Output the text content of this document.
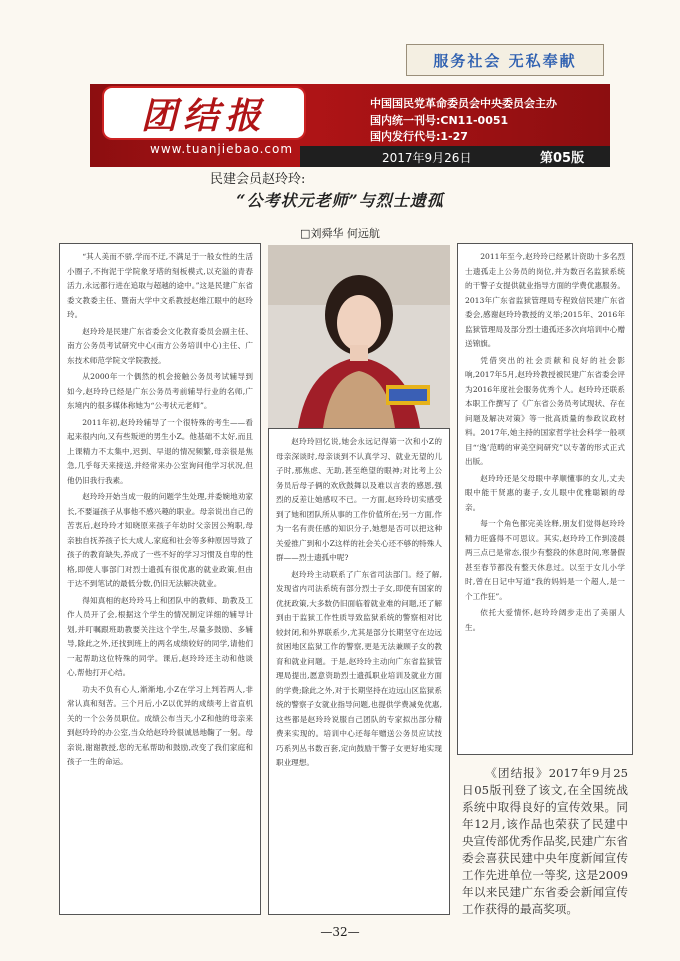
服务社会 无私奉献
团结报
www.tuanjiebao.com
中国国民党革命委员会中央委员会主办
国内统一刊号:CN11-0051
国内发行代号:1-27
2017年9月26日	第05版
民建会员赵玲玲:
“公考状元老师”与烈士遗孤
□刘舜华 何远航

“其人美而不骄,学而不迂,不满足于一般女性的生活小圈子,不拘泥于学院象牙塔的刻板模式,以充溢的青春活力,永远都行进在追取与超越的途中。”这是民建广东省委文教委主任、暨南大学中文系教授赵维江眼中的赵玲玲。

赵玲玲是民建广东省委会文化教育委员会副主任、南方公务员考试研究中心(南方公务培训中心)主任、广东技术师范学院文学院教授。

从2000年一个偶然的机会接触公务员考试辅导到如今,赵玲玲已经是广东公务员考前辅导行业的名师,广东境内的很多媒体称她为“公考状元老师”。

2011年初,赵玲玲辅导了一个很特殊的考生——看起来很内向,又有些叛逆的男生小Z。他基础不太好,而且上课精力不太集中,迟到、早退的情况频繁,母亲很是焦急,几乎每天来接送,并经常来办公室询问他学习状况,但他仍旧我行我素。

赵玲玲开始当成一般的问题学生处理,并委婉地劝家长,不要逼孩子从事他不感兴趣的职业。母亲说出自己的苦衷后,赵玲玲才知晓原来孩子年幼时父亲因公殉职,母亲独自抚养孩子长大成人,家庭和社会等多种原因导致了孩子的教育缺失,养成了一些不好的学习习惯及自卑的性格,即使人事部门对烈士遗孤有很优惠的就业政策,但由于达不到笔试的最低分数,仍旧无法解决就业。

得知真相的赵玲玲马上和团队中的教师、助教及工作人员开了会,根据这个学生的情况制定详细的辅导计划,并叮嘱跟班助教要关注这个学生,尽量多鼓励、多辅导,除此之外,还找到班上的两名成绩较好的同学,请他们一起帮助这位特殊的同学。课后,赵玲玲还主动和他谈心,帮他打开心结。

功夫不负有心人,渐渐地,小Z在学习上判若两人,非常认真和刻苦。三个月后,小Z以优异的成绩考上省直机关的一个公务员职位。成绩公布当天,小Z和他的母亲来到赵玲玲的办公室,当众给赵玲玲很诚恳地鞠了一躬。母亲说,谢谢教授,您的无私帮助和鼓励,改变了我们家庭和孩子一生的命运。

赵玲玲回忆说,她会永远记得第一次和小Z的母亲深谈时,母亲谈到不认真学习、就业无望的儿子时,那焦虑、无助,甚至绝望的眼神;对比考上公务员后母子俩的欢欣鼓舞以及难以言表的感恩,强烈的反差让她感叹不已。一方面,赵玲玲切实感受到了她和团队所从事的工作价值所在;另一方面,作为一名有责任感的知识分子,她想是否可以把这种关爱推广到和小Z这样的社会关心还不够的特殊人群——烈士遗孤中呢?

赵玲玲主动联系了广东省司法部门。经了解,发现省内司法系统有部分烈士子女,即使有国家的优抚政策,大多数仍旧面临着就业难的问题,还了解到由于监狱工作性质导致监狱系统的警察相对比较封闭,和外界联系少,尤其是部分长期坚守在边远贫困地区监狱工作的警察,更是无法兼顾子女的教育和就业问题。于是,赵玲玲主动向广东省监狱管理局提出,愿意资助烈士遗孤职业培训及就业方面的学费;除此之外,对于长期坚持在边远山区监狱系统的警察子女就业指导问题,也提供学费减免优惠,这些都是赵玲玲说服自己团队的专家拟出部分精费来实现的。培训中心还每年赠送公务员应试技巧系列丛书数百套,定向鼓励干警子女更好地实现职业理想。

2011年至今,赵玲玲已经累计资助十多名烈士遗孤走上公务员的岗位,并为数百名监狱系统的干警子女提供就业指导方面的学费优惠服务。2013年广东省监狱管理局专程致信民建广东省委会,感谢赵玲玲教授的义举;2015年、2016年监狱管理局及部分烈士遗孤还多次向培训中心赠送锦旗。

凭借突出的社会贡献和良好的社会影响,2017年5月,赵玲玲教授被民建广东省委会评为2016年度社会服务优秀个人。赵玲玲还联系本职工作撰写了《广东省公务员考试现状、存在问题及解决对策》等一批高质量的参政议政材料。2017年,她主持的国家哲学社会科学一般项目“‘逸’范畴的审美空间研究”以专著的形式正式出版。

赵玲玲还是父母眼中孝顺懂事的女儿,丈夫眼中能干贤惠的妻子,女儿眼中优雅聪颖的母亲。

每一个角色都完美诠释,朋友们觉得赵玲玲精力旺盛得不可思议。其实,赵玲玲工作到凌晨两三点已是常态,很少有整段的休息时间,寒暑假甚至春节都没有整天休息过。以至于女儿小学时,曾在日记中写道“我的妈妈是一个超人,是一个工作狂”。

依托大爱情怀,赵玲玲阔步走出了美丽人生。

《团结报》2017年9月25日05版刊登了该文,在全国统战系统中取得良好的宣传效果。同年12月,该作品也荣获了民建中央宣传部优秀作品奖,民建广东省委会喜获民建中央年度新闻宣传工作先进单位一等奖, 这是2009年以来民建广东省委会新闻宣传工作获得的最高奖项。
—32—
